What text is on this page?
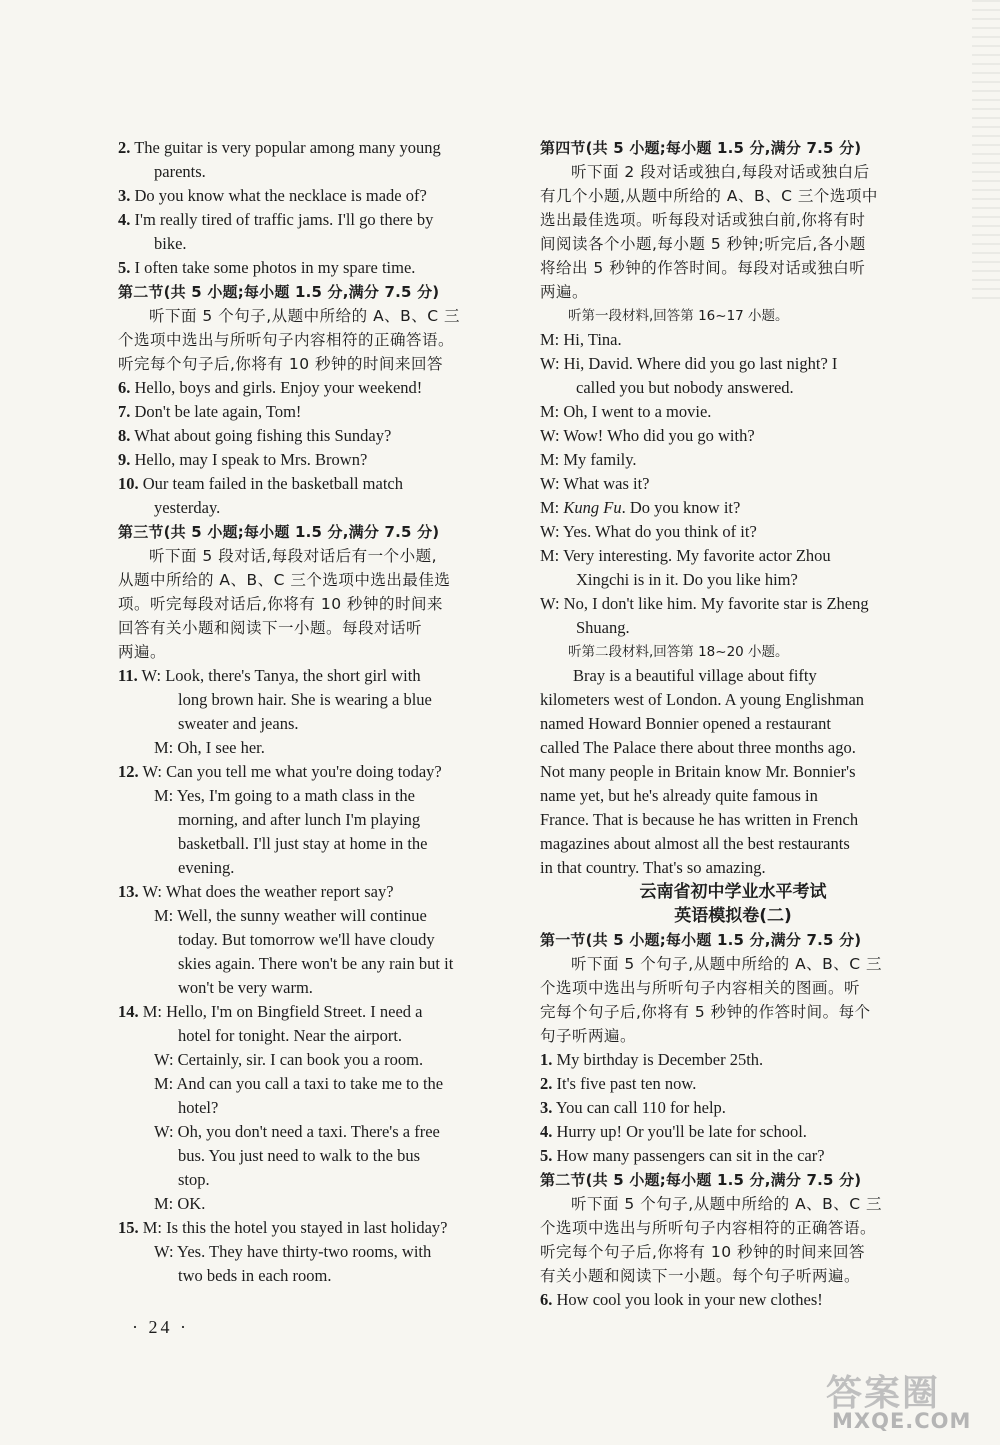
2. The guitar is very popular among many young
parents.
3. Do you know what the necklace is made of?
4. I'm really tired of traffic jams. I'll go there by
bike.
5. I often take some photos in my spare time.
第二节(共 5 小题;每小题 1.5 分,满分 7.5 分)
听下面 5 个句子,从题中所给的 A、B、C 三
个选项中选出与所听句子内容相符的正确答语。
听完每个句子后,你将有 10 秒钟的时间来回答
6. Hello, boys and girls. Enjoy your weekend!
7. Don't be late again, Tom!
8. What about going fishing this Sunday?
9. Hello, may I speak to Mrs. Brown?
10. Our team failed in the basketball match
yesterday.
第三节(共 5 小题;每小题 1.5 分,满分 7.5 分)
听下面 5 段对话,每段对话后有一个小题,
从题中所给的 A、B、C 三个选项中选出最佳选
项。听完每段对话后,你将有 10 秒钟的时间来
回答有关小题和阅读下一小题。每段对话听
两遍。
11. W: Look, there's Tanya, the short girl with
long brown hair. She is wearing a blue
sweater and jeans.
M: Oh, I see her.
12. W: Can you tell me what you're doing today?
M: Yes, I'm going to a math class in the
morning, and after lunch I'm playing
basketball. I'll just stay at home in the
evening.
13. W: What does the weather report say?
M: Well, the sunny weather will continue
today. But tomorrow we'll have cloudy
skies again. There won't be any rain but it
won't be very warm.
14. M: Hello, I'm on Bingfield Street. I need a
hotel for tonight. Near the airport.
W: Certainly, sir. I can book you a room.
M: And can you call a taxi to take me to the
hotel?
W: Oh, you don't need a taxi. There's a free
bus. You just need to walk to the bus
stop.
M: OK.
15. M: Is this the hotel you stayed in last holiday?
W: Yes. They have thirty-two rooms, with
two beds in each room.
第四节(共 5 小题;每小题 1.5 分,满分 7.5 分)
听下面 2 段对话或独白,每段对话或独白后
有几个小题,从题中所给的 A、B、C 三个选项中
选出最佳选项。听每段对话或独白前,你将有时
间阅读各个小题,每小题 5 秒钟;听完后,各小题
将给出 5 秒钟的作答时间。每段对话或独白听
两遍。
听第一段材料,回答第 16~17 小题。
M: Hi, Tina.
W: Hi, David. Where did you go last night? I
called you but nobody answered.
M: Oh, I went to a movie.
W: Wow! Who did you go with?
M: My family.
W: What was it?
M: Kung Fu. Do you know it?
W: Yes. What do you think of it?
M: Very interesting. My favorite actor Zhou
Xingchi is in it. Do you like him?
W: No, I don't like him. My favorite star is Zheng
Shuang.
听第二段材料,回答第 18~20 小题。
Bray is a beautiful village about fifty
kilometers west of London. A young Englishman
named Howard Bonnier opened a restaurant
called The Palace there about three months ago.
Not many people in Britain know Mr. Bonnier's
name yet, but he's already quite famous in
France. That is because he has written in French
magazines about almost all the best restaurants
in that country. That's so amazing.
云南省初中学业水平考试
英语模拟卷(二)
第一节(共 5 小题;每小题 1.5 分,满分 7.5 分)
听下面 5 个句子,从题中所给的 A、B、C 三
个选项中选出与所听句子内容相关的图画。听
完每个句子后,你将有 5 秒钟的作答时间。每个
句子听两遍。
1. My birthday is December 25th.
2. It's five past ten now.
3. You can call 110 for help.
4. Hurry up! Or you'll be late for school.
5. How many passengers can sit in the car?
第二节(共 5 小题;每小题 1.5 分,满分 7.5 分)
听下面 5 个句子,从题中所给的 A、B、C 三
个选项中选出与所听句子内容相符的正确答语。
听完每个句子后,你将有 10 秒钟的时间来回答
有关小题和阅读下一小题。每个句子听两遍。
6. How cool you look in your new clothes!
· 24 ·
答案圈
MXQE.COM
